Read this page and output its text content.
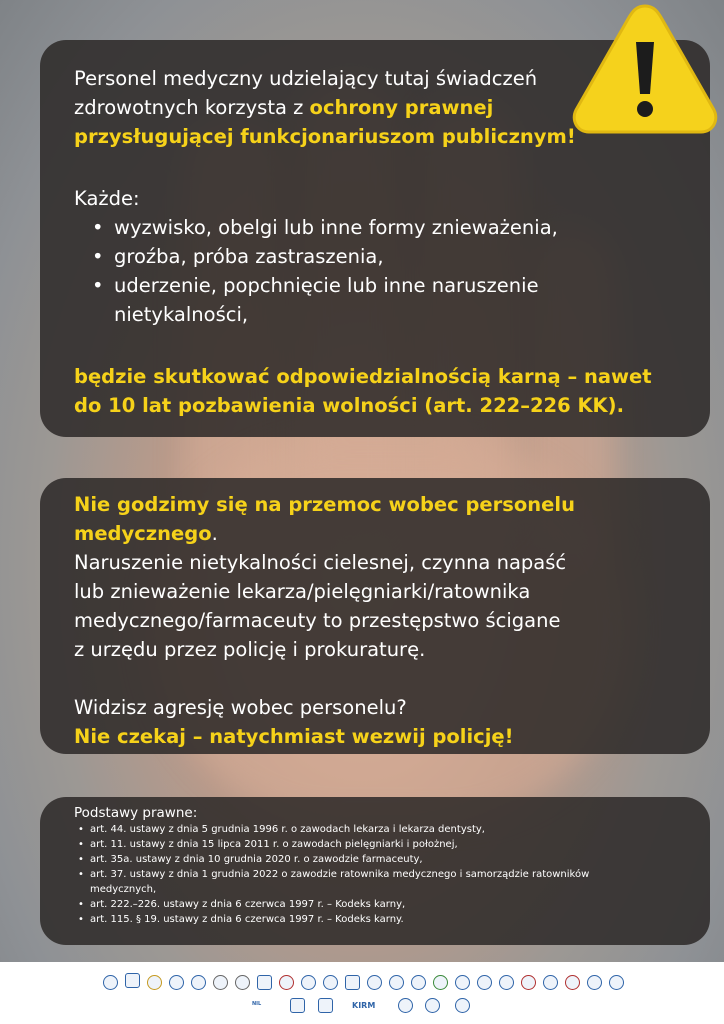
Personel medyczny udzielający tutaj świadczeń

zdrowotnych korzysta z ochrony prawnej

przysługującej funkcjonariuszom publicznym!

Każde:

• wyzwisko, obelgi lub inne formy znieważenia,
• groźba, próba zastraszenia,
• uderzenie, popchnięcie lub inne naruszenie nietykalności,

będzie skutkować odpowiedzialnością karną – nawet

do 10 lat pozbawienia wolności (art. 222–226 KK).

Nie godzimy się na przemoc wobec personelu

medycznego.

Naruszenie nietykalności cielesnej, czynna napaść

lub znieważenie lekarza/pielęgniarki/ratownika

medycznego/farmaceuty to przestępstwo ścigane

z urzędu przez policję i prokuraturę.

Widzisz agresję wobec personelu?

Nie czekaj – natychmiast wezwij policję!

Podstawy prawne:

• art. 44. ustawy z dnia 5 grudnia 1996 r. o zawodach lekarza i lekarza dentysty,
• art. 11. ustawy z dnia 15 lipca 2011 r. o zawodach pielęgniarki i położnej,
• art. 35a. ustawy z dnia 10 grudnia 2020 r. o zawodzie farmaceuty,
• art. 37. ustawy z dnia 1 grudnia 2022 o zawodzie ratownika medycznego i samorządzie ratowników medycznych,
• art. 222.–226. ustawy z dnia 6 czerwca 1997 r. – Kodeks karny,
• art. 115. § 19. ustawy z dnia 6 czerwca 1997 r. – Kodeks karny.
NIL	KIRM
